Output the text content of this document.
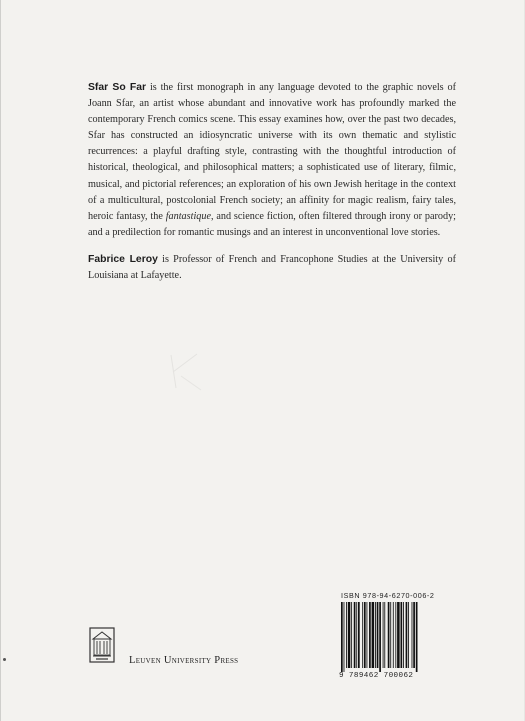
Sfar So Far is the first monograph in any language devoted to the graphic novels of Joann Sfar, an artist whose abundant and innovative work has profoundly marked the contemporary French comics scene. This essay examines how, over the past two decades, Sfar has constructed an idiosyncratic universe with its own thematic and stylistic recurrences: a playful drafting style, contrasting with the thoughtful introduction of historical, theological, and philosophical matters; a sophisticated use of literary, filmic, musical, and pictorial references; an exploration of his own Jewish heritage in the context of a multicultural, postcolonial French society; an affinity for magic realism, fairy tales, heroic fantasy, the fantastique, and science fiction, often filtered through irony or parody; and a predilection for romantic musings and an interest in unconventional love stories.

Fabrice Leroy is Professor of French and Francophone Studies at the University of Louisiana at Lafayette.

ISBN 978-94-6270-006-2
9 789462 700062
Leuven University Press
